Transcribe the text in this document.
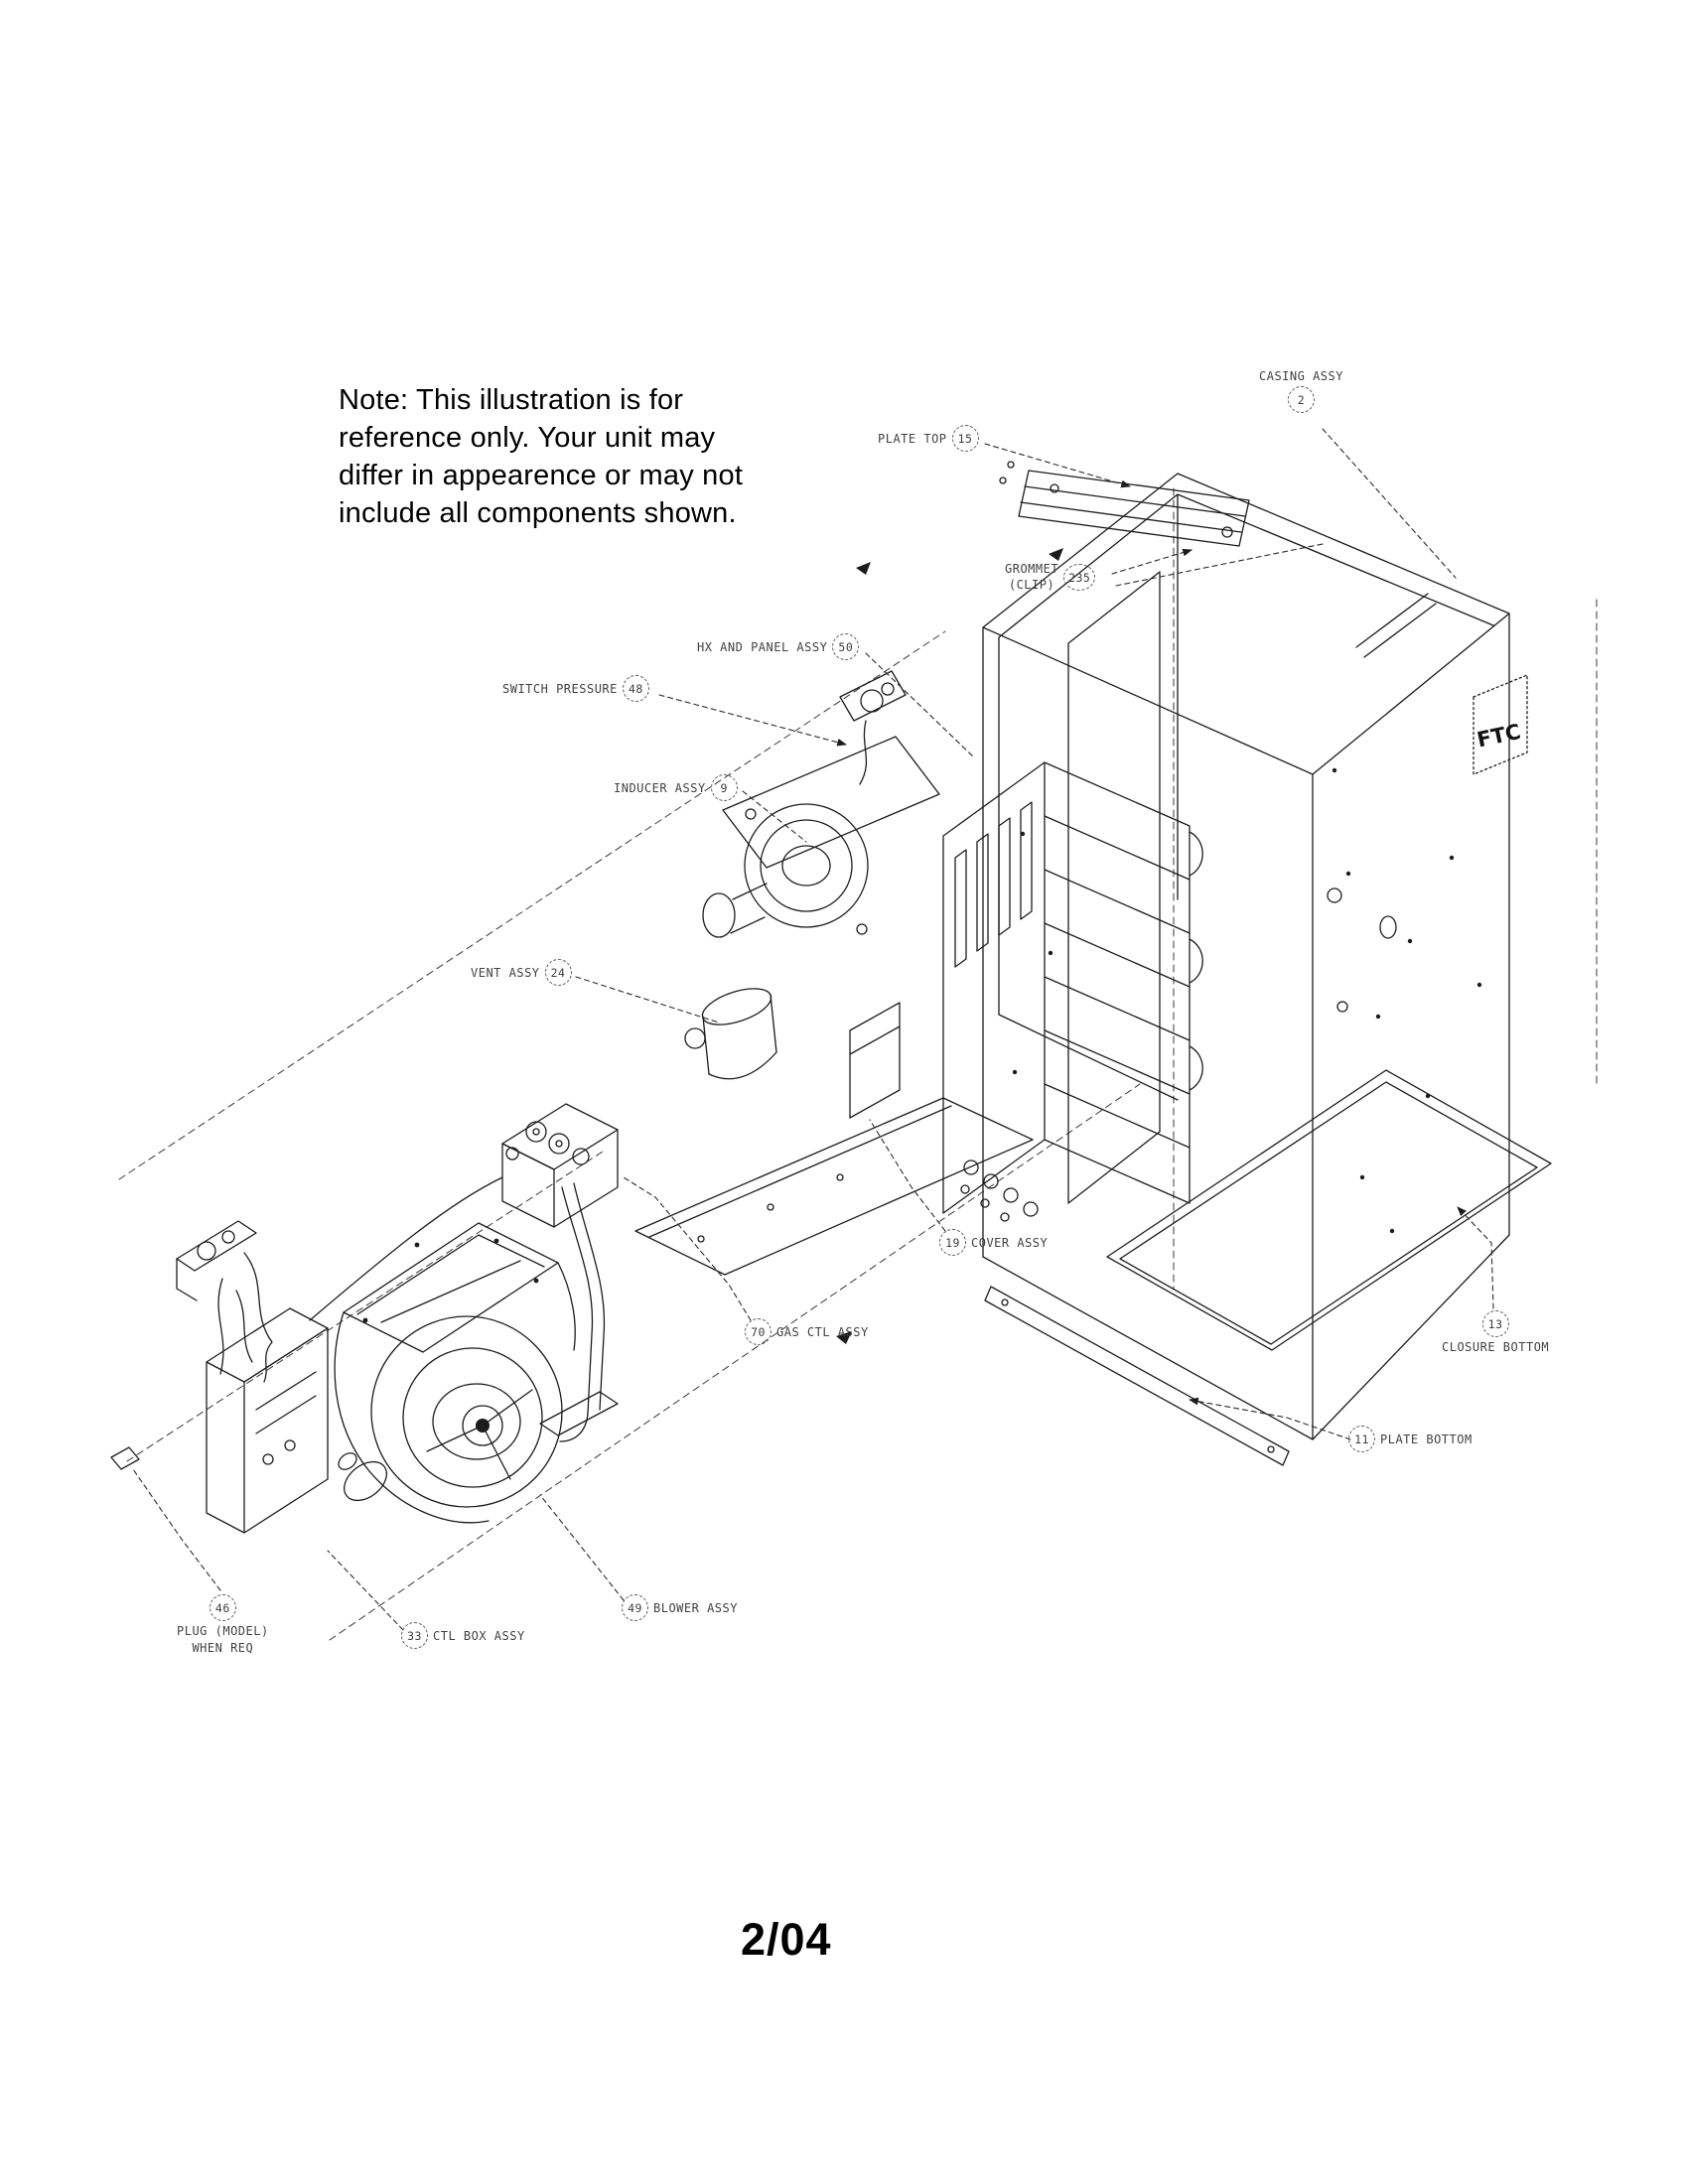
FTC
Note: This illustration is for
reference only. Your unit may
differ in appearence or may not
include all components shown.
PLATE TOP 15
CASING ASSY
2
GROMMET
(CLIP)	235
HX AND PANEL ASSY 50
SWITCH PRESSURE 48
INDUCER ASSY	9
VENT ASSY 24
19 COVER ASSY
70 GAS CTL ASSY
46
PLUG (MODEL)
WHEN REQ
33 CTL BOX ASSY
49 BLOWER ASSY
13
CLOSURE BOTTOM
11 PLATE BOTTOM
2/04
